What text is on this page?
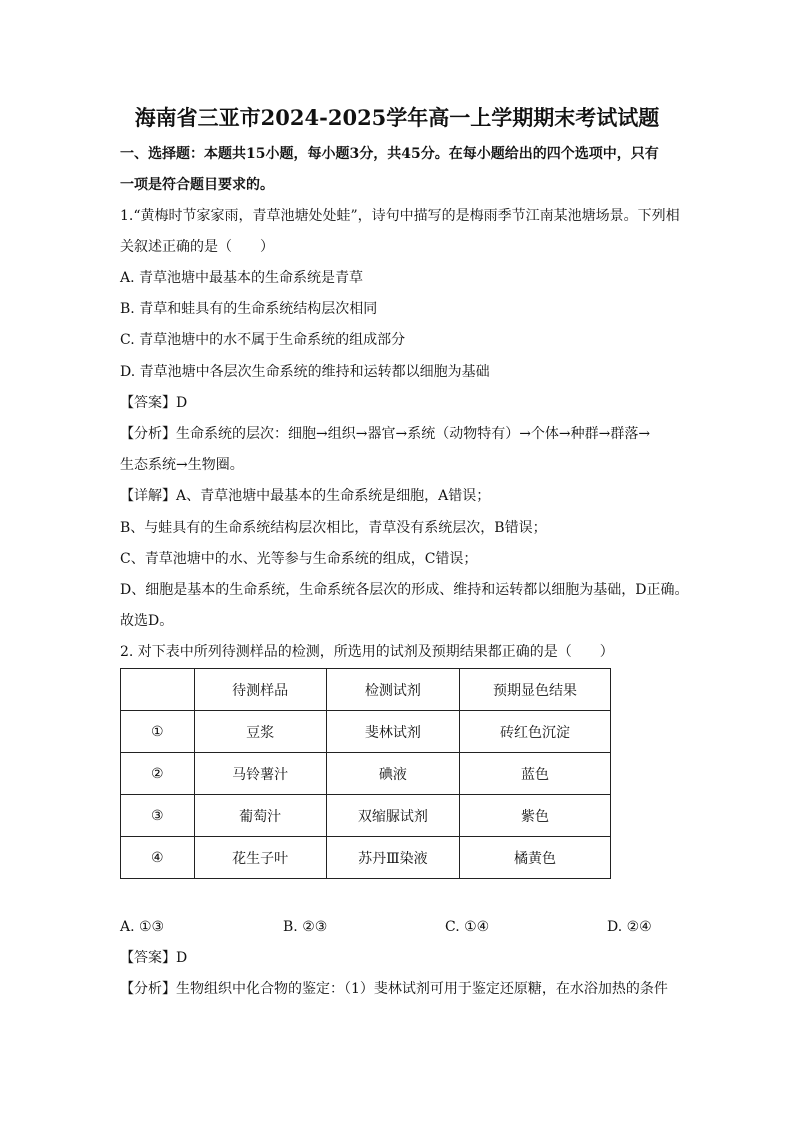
海南省三亚市2024-2025学年高一上学期期末考试试题
一、选择题：本题共15小题，每小题3分，共45分。在每小题给出的四个选项中，只有
一项是符合题目要求的。
1.“黄梅时节家家雨，青草池塘处处蛙”，诗句中描写的是梅雨季节江南某池塘场景。下列相
关叙述正确的是（　　）
A. 青草池塘中最基本的生命系统是青草
B. 青草和蛙具有的生命系统结构层次相同
C. 青草池塘中的水不属于生命系统的组成部分
D. 青草池塘中各层次生命系统的维持和运转都以细胞为基础
【答案】D
【分析】生命系统的层次：细胞→组织→器官→系统（动物特有）→个体→种群→群落→
生态系统→生物圈。
【详解】A、青草池塘中最基本的生命系统是细胞，A错误；
B、与蛙具有的生命系统结构层次相比，青草没有系统层次，B错误；
C、青草池塘中的水、光等参与生命系统的组成，C错误；
D、细胞是基本的生命系统，生命系统各层次的形成、维持和运转都以细胞为基础，D正确。
故选D。
2. 对下表中所列待测样品的检测，所选用的试剂及预期结果都正确的是（　　）
	待测样品	检测试剂	预期显色结果
①	豆浆	斐林试剂	砖红色沉淀
②	马铃薯汁	碘液	蓝色
③	葡萄汁	双缩脲试剂	紫色
④	花生子叶	苏丹Ⅲ染液	橘黄色
A. ①③	B. ②③	C. ①④	D. ②④
【答案】D
【分析】生物组织中化合物的鉴定：（1）斐林试剂可用于鉴定还原糖，在水浴加热的条件
